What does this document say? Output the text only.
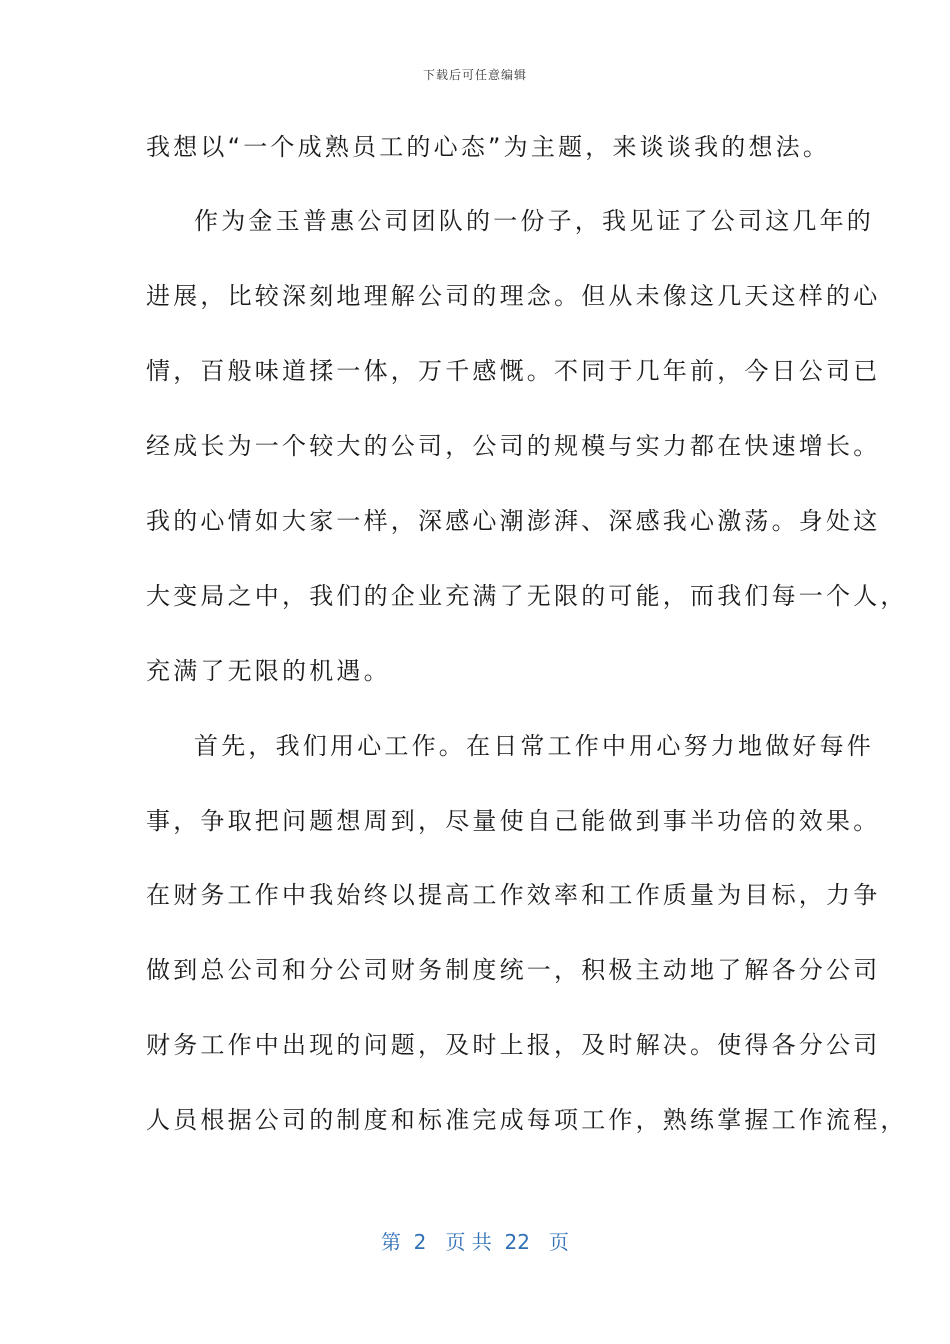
下载后可任意编辑
我想以“一个成熟员工的心态”为主题，来谈谈我的想法。
作为金玉普惠公司团队的一份子，我见证了公司这几年的
进展，比较深刻地理解公司的理念。但从未像这几天这样的心
情，百般味道揉一体，万千感慨。不同于几年前，今日公司已
经成长为一个较大的公司，公司的规模与实力都在快速增长。
我的心情如大家一样，深感心潮澎湃、深感我心激荡。身处这
大变局之中，我们的企业充满了无限的可能，而我们每一个人，
充满了无限的机遇。
首先，我们用心工作。在日常工作中用心努力地做好每件
事，争取把问题想周到，尽量使自己能做到事半功倍的效果。
在财务工作中我始终以提高工作效率和工作质量为目标，力争
做到总公司和分公司财务制度统一，积极主动地了解各分公司
财务工作中出现的问题，及时上报，及时解决。使得各分公司
人员根据公司的制度和标准完成每项工作，熟练掌握工作流程，
第  2   页 共  22   页
